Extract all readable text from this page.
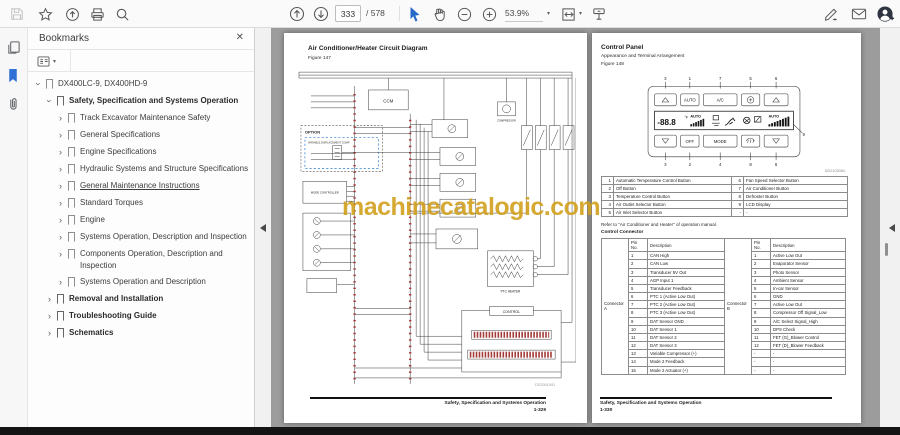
333
/ 578	53.9%	▾	▾
Bookmarks	✕
▾
› DX400LC-9, DX400HD-9
› Safety, Specification and Systems Operation
›	Track Excavator Maintenance Safety
›	General Specifications
›	Engine Specifications
›	Hydraulic Systems and Structure Specifications
›	General Maintenance Instructions
›	Standard Torques
›	Engine
›	Systems Operation, Description and Inspection
›	Components Operation, Description and Inspection
›	Systems Operation and Description
›	Removal and Installation
›	Troubleshooting Guide
›	Schematics
Air Conditioner/Heater Circuit Diagram
Figure 147
CCM
OPTION
VARIABLE DISPLACEMENT COMP
MODE CONTROLLER
COMPRESSOR
PTC HEATER
CONTROL
DD2001091
machinecatalogic.com
Safety, Specification and Systems Operation
1-329
Control Panel
Appearance and Terminal Arrangement
Figure 148
-88.8
°F AUTO	AUTO
AUTO	A/C
OFF MODE
3	1	7	5	6
3	2	4	8	6
9
DD2103084
1	Automatic Temperature Control Button	6	Fan Speed Selector Button
2	Off Button	7	Air Conditioner Button
3	Temperature Control Button	8	Defroster Button
4	Air Outlet Selector Button	9	LCD Display
5	Air Inlet Selector Button	-	-
Refer to "Air Conditioner and Heater" of operation manual.
Control Connector
Connector A	Pin No.	Description	Connector B	Pin No.	Description
	1	CAN High		1	Active Low Out
	2	CAN Low		2	Evaporator Sensor
	3	Transducer 5V Out		3	Photo Sensor
	4	AGP Input 1		4	Ambient Sensor
	5	Transducer Feedback		5	In-car Sensor
	6	PTC 1 (Active Low Out)		6	GND
	7	PTC 2 (Active Low Out)		7	Active Low Out
	8	PTC 3 (Active Low Out)		8	Compressor Off Signal_Low
	9	DAT Sensor GND		9	A/C Select Signal_High
	10	DAT Sensor 1		10	DPS Check
	11	DAT Sensor 2		11	FET (G)_Blower Control
	12	DAT Sensor 3		12	FET (D)_Blower Feedback
	13	Variable Compressor (+)		-	-
	14	Mode 2 Feedback		-	-
	15	Mode 2 Actuator (+)		-	-
Safety, Specification and Systems Operation
1-330
